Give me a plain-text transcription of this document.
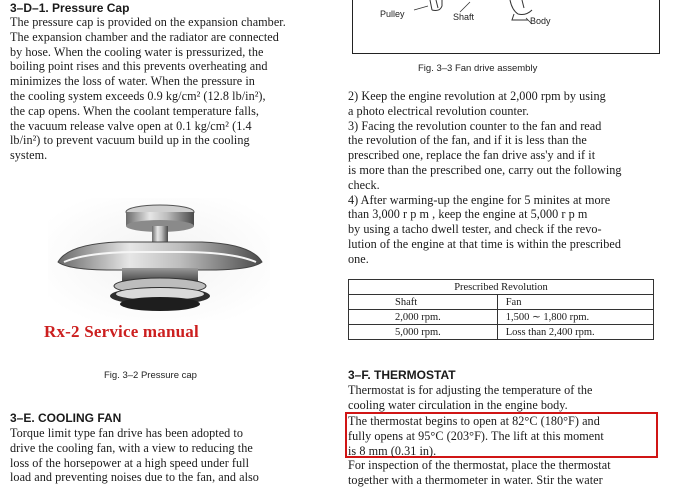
3–D–1. Pressure Cap
The pressure cap is provided on the expansion chamber.
The expansion chamber and the radiator are connected
by hose. When the cooling water is pressurized, the
boiling point rises and this prevents overheating and
minimizes the loss of water. When the pressure in
the cooling system exceeds 0.9 kg/cm² (12.8 lb/in²),
the cap opens. When the coolant temperature falls,
the vacuum release valve open at 0.1 kg/cm² (1.4
lb/in²) to prevent vacuum build up in the cooling
system.
Rx-2 Service manual
Fig. 3–2 Pressure cap
3–E. COOLING FAN
Torque limit type fan drive has been adopted to
drive the cooling fan, with a view to reducing the
loss of the horsepower at a high speed under full
load and preventing noises due to the fan, and also
Pulley	Shaft	Body
Fig. 3–3 Fan drive assembly
2) Keep the engine revolution at 2,000 rpm by using
a photo electrical revolution counter.
3) Facing the revolution counter to the fan and read
the revolution of the fan, and if it is less than the
prescribed one, replace the fan drive ass'y and if it
is more than the prescribed one, carry out the following
check.
4) After warming-up the engine for 5 minites at more
than 3,000 r p m , keep the engine at 5,000 r p m
by using a tacho dwell tester, and check if the revo-
lution of the engine at that time is within the prescribed
one.
Prescribed Revolution	
Shaft	Fan
2,000 rpm.	1,500 ∼ 1,800 rpm.
5,000 rpm.	Loss than 2,400 rpm.
3–F. THERMOSTAT
Thermostat is for adjusting the temperature of the
cooling water circulation in the engine body.
The thermostat begins to open at 82°C (180°F) and
fully opens at 95°C (203°F). The lift at this moment
is 8 mm (0.31 in).
For inspection of the thermostat, place the thermostat
together with a thermometer in water. Stir the water
